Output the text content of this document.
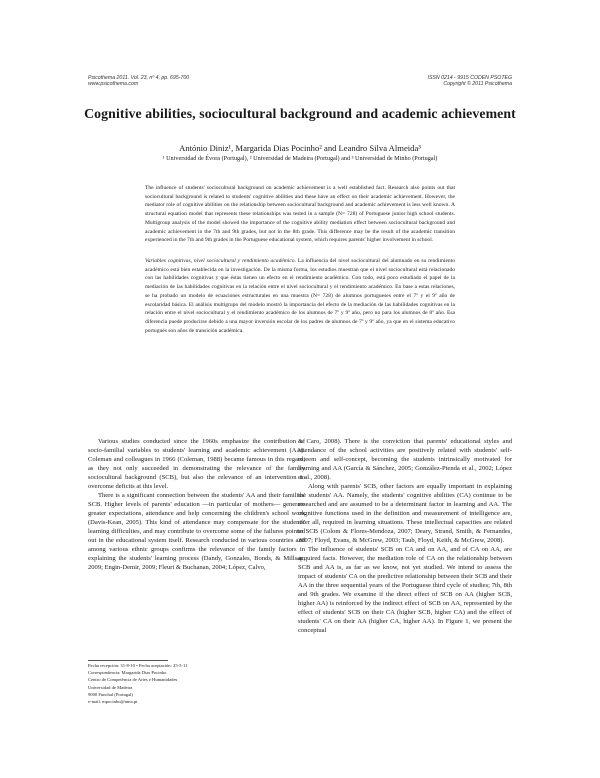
Psicothema 2011. Vol. 23, nº 4, pp. 695-700
www.psicothema.com
ISSN 0214 - 9915 CODEN PSOTEG
Copyright © 2011 Psicothema
Cognitive abilities, sociocultural background and academic achievement
António Diniz¹, Margarida Dias Pocinho² and Leandro Silva Almeida³
¹ Universidad de Évora (Portugal), ² Universidad de Madeira (Portugal) and ³ Universidad de Minho (Portugal)
The influence of students' sociocultural background on academic achievement is a well established fact. Research also points out that sociocultural background is related to students' cognitive abilities and these have an effect on their academic achievement. However, the mediator role of cognitive abilities on the relationship between sociocultural background and academic achievement is less well known. A structural equation model that represents these relationships was tested in a sample (N= 728) of Portuguese junior high school students. Multigroup analysis of the model showed the importance of the cognitive ability mediation effect between sociocultural background and academic achievement in the 7th and 9th grades, but not in the 8th grade. This difference may be the result of the academic transition experienced in the 7th and 9th grades in the Portuguese educational system, which requires parents' higher involvement in school.
Variables cognitivas, nivel sociocultural y rendimiento académico. La influencia del nivel sociocultural del alumnado en su rendimiento académico está bien establecida en la investigación. De la misma forma, los estudios muestran que el nivel sociocultural está relacionado con las habilidades cognitivas y que éstas tienen un efecto en el rendimiento académico. Con todo, está poco estudiado el papel de la mediación de las habilidades cognitivas en la relación entre el nivel sociocultural y el rendimiento académico. En base a estas relaciones, se ha probado un modelo de ecuaciones estructurales en una muestra (N= 728) de alumnos portugueses entre el 7º y el 9º año de escolaridad básica. El análisis multigrupo del modelo mostró la importancia del efecto de la mediación de las habilidades cognitivas en la relación entre el nivel sociocultural y el rendimiento académico de los alumnos de 7º y 9º año, pero no para los alumnos de 8º año. Esa diferencia puede producirse debido a una mayor inversión escolar de los padres de alumnos de 7º y 9º año, ya que en el sistema educativo portugués son años de transición académica.

Various studies conducted since the 1960s emphasize the contribution of socio-familial variables to students' learning and academic achievement (AA). Coleman and colleagues in 1966 (Coleman, 1988) became famous in this regard, as they not only succeeded in demonstrating the relevance of the family sociocultural background (SCB), but also the relevance of an intervention to overcome deficits at this level.

There is a significant connection between the students' AA and their families' SCB. Higher levels of parents' education —in particular of mothers— generate greater expectations, attendance and help concerning the children's school work (Davis-Kean, 2005). This kind of attendance may compensate for the students' learning difficulties, and may contribute to overcome some of the failures pointed out in the educational system itself. Research conducted in various countries and among various ethnic groups confirms the relevance of the family factors in explaining the students' learning process (Dandy, Gonzales, Bonds, & Millsap, 2009; Engin-Demir, 2009; Fleuri & Buchanan, 2004; López, Calvo,

& Caro, 2008). There is the conviction that parents' educational styles and attendance of the school activities are positively related with students' self-esteem and self-concept, becoming the students intrinsically motivated for learning and AA (García & Sánchez, 2005; González-Pienda et al., 2002; López et al., 2008).

Along with parents' SCB, other factors are equally important in explaining the students' AA. Namely, the students' cognitive abilities (CA) continue to be researched and are assumed to be a determinant factor in learning and AA. The cognitive functions used in the definition and measurement of intelligence are, after all, required in learning situations. These intellectual capacities are related to SCB (Colom & Flores-Mendoza, 2007; Deary, Strand, Smith, & Fernandes, 2007; Floyd, Evans, & McGrew, 2003; Taub, Floyd, Keith, & McGrew, 2008).

The influence of students' SCB on CA and on AA, and of CA on AA, are acquired facts. However, the mediation role of CA on the relationship between SCB and AA is, as far as we know, not yet studied. We intend to assess the impact of students' CA on the predictive relationship between their SCB and their AA in the three sequential years of the Portuguese third cycle of studies; 7th, 8th and 9th grades. We examine if the direct effect of SCB on AA (higher SCB, higher AA) is reinforced by the indirect effect of SCB on AA, represented by the effect of students' SCB on their CA (higher SCB, higher CA) and the effect of students' CA on their AA (higher CA, higher AA). In Figure 1, we present the conceptual

Fecha recepción: 31-8-10 • Fecha aceptación: 25-5-11
Correspondencia: Margarida Dias Pocinho
Centro de Competência de Artes e Humanidades
Universidad de Madeira
9000 Funchal (Portugal)
e-mail: mpocinho@uma.pt
